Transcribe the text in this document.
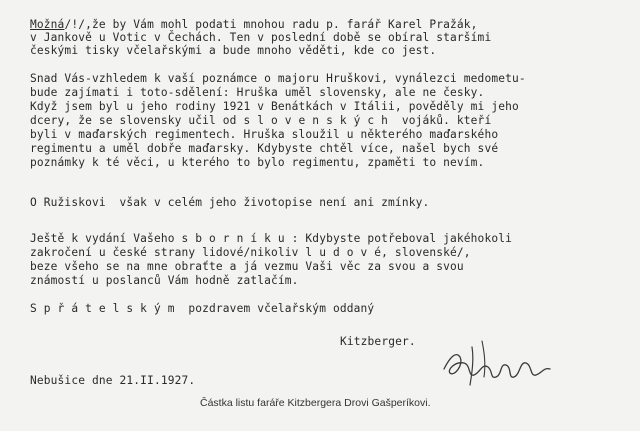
Možná/!/,že by Vám mohl podati mnohou radu p. farář Karel Pražák,
v Jankově u Votic v Čechách. Ten v poslední době se obíral staršími
českými tisky včelařskými a bude mnoho věděti, kde co jest.
Snad Vás-vzhledem k vaší poznámce o majoru Hruškovi, vynálezci medometu-
bude zajímati i toto-sdělení: Hruška uměl slovensky, ale ne česky.
Když jsem byl u jeho rodiny 1921 v Benátkách v Itálii, pověděly mi jeho
dcery, že se slovensky učil od s l o v e n s k ý c h  vojáků. kteří
byli v maďarských regimentech. Hruška sloužil u některého maďarského
regimentu a uměl dobře maďarsky. Kdybyste chtěl více, našel bych své
poznámky k té věci, u kterého to bylo regimentu, zpaměti to nevím.
O Ružiskovi  však v celém jeho životopise není ani zmínky.
Ještě k vydání Vašeho s b o r n í k u : Kdybyste potřeboval jakéhokoli
zakročení u české strany lidové/nikoliv l u d o v é, slovenské/,
beze všeho se na mne obraťte a já vezmu Vaši věc za svou a svou
známostí u poslanců Vám hodně zatlačím.
S p ř á t e l s k ý m  pozdravem včelařským oddaný
Kitzberger.
Nebušice dne 21.II.1927.
Částka listu faráře Kitzbergera Drovi Gašperíkovi.
